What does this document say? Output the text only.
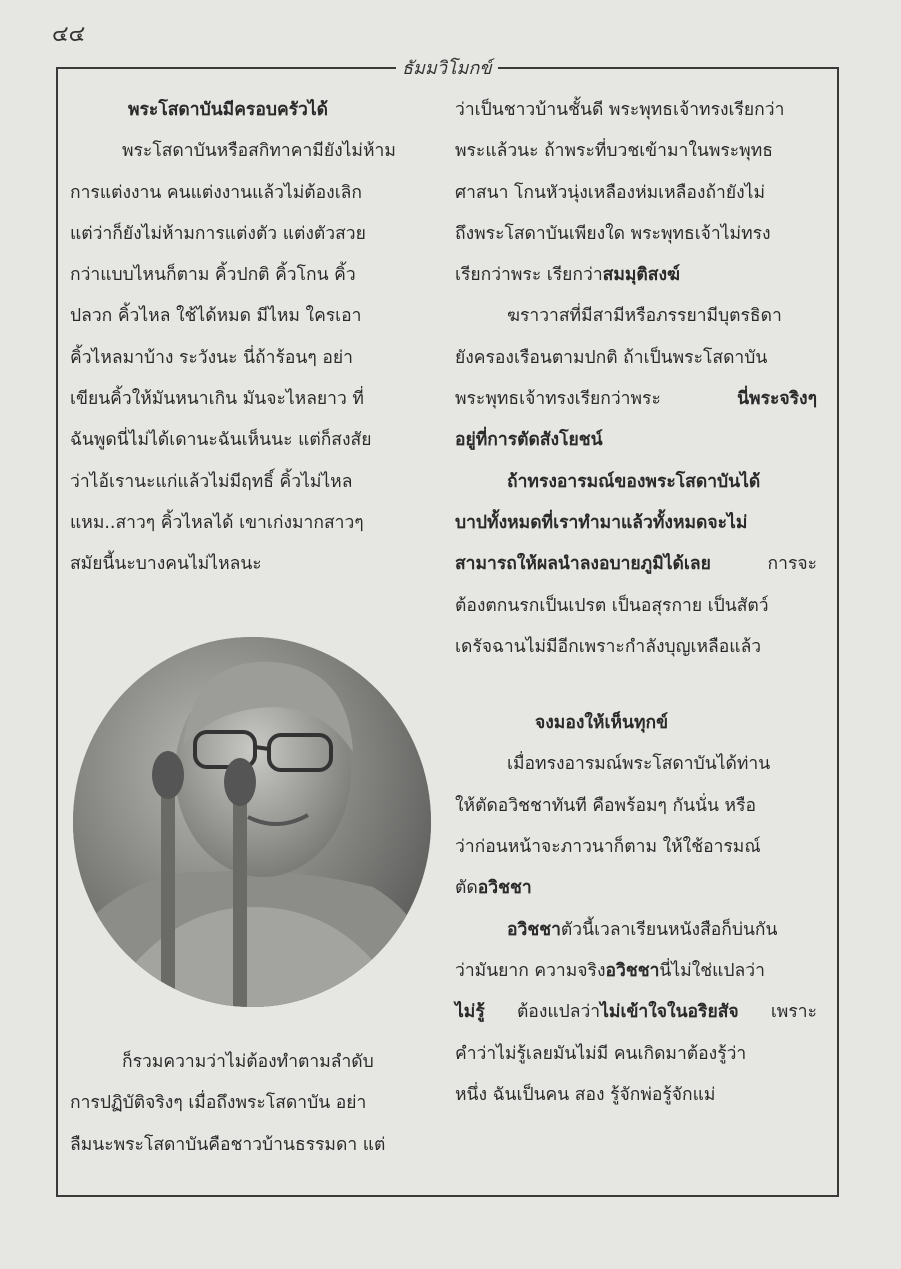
๔๔
ธัมมวิโมกข์
พระโสดาบันมีครอบครัวได้
พระโสดาบันหรือสกิทาคามียังไม่ห้าม
การแต่งงาน คนแต่งงานแล้วไม่ต้องเลิก
แต่ว่าก็ยังไม่ห้ามการแต่งตัว แต่งตัวสวย
กว่าแบบไหนก็ตาม คิ้วปกติ คิ้วโกน คิ้ว
ปลวก คิ้วไหล ใช้ได้หมด มีไหม ใครเอา
คิ้วไหลมาบ้าง ระวังนะ นี่ถ้าร้อนๆ อย่า
เขียนคิ้วให้มันหนาเกิน มันจะไหลยาว ที่
ฉันพูดนี่ไม่ได้เดานะฉันเห็นนะ แต่ก็สงสัย
ว่าไอ้เรานะแก่แล้วไม่มีฤทธิ์ คิ้วไม่ไหล
แหม..สาวๆ คิ้วไหลได้ เขาเก่งมากสาวๆ
สมัยนี้นะบางคนไม่ไหลนะ
ก็รวมความว่าไม่ต้องทำตามลำดับ
การปฏิบัติจริงๆ เมื่อถึงพระโสดาบัน อย่า
ลืมนะพระโสดาบันคือชาวบ้านธรรมดา แต่
ว่าเป็นชาวบ้านชั้นดี พระพุทธเจ้าทรงเรียกว่า
พระแล้วนะ ถ้าพระที่บวชเข้ามาในพระพุทธ
ศาสนา โกนหัวนุ่งเหลืองห่มเหลืองถ้ายังไม่
ถึงพระโสดาบันเพียงใด พระพุทธเจ้าไม่ทรง
เรียกว่าพระ เรียกว่า สมมุติสงฆ์
ฆราวาสที่มีสามีหรือภรรยามีบุตรธิดา
ยังครองเรือนตามปกติ ถ้าเป็นพระโสดาบัน
พระพุทธเจ้าทรงเรียกว่าพระ	นี่พระจริงๆ
อยู่ที่การตัดสังโยชน์
ถ้าทรงอารมณ์ของพระโสดาบันได้
บาปทั้งหมดที่เราทำมาแล้วทั้งหมดจะไม่
สามารถให้ผลนำลงอบายภูมิได้เลย	การจะ
ต้องตกนรกเป็นเปรต เป็นอสุรกาย เป็นสัตว์
เดรัจฉานไม่มีอีกเพราะกำลังบุญเหลือแล้ว
จงมองให้เห็นทุกข์
เมื่อทรงอารมณ์พระโสดาบันได้ท่าน
ให้ตัดอวิชชาทันที คือพร้อมๆ กันนั่น หรือ
ว่าก่อนหน้าจะภาวนาก็ตาม ให้ใช้อารมณ์
ตัด อวิชชา
อวิชชา ตัวนี้เวลาเรียนหนังสือก็บ่นกัน
ว่ามันยาก ความจริง อวิชชา นี่ไม่ใช่แปลว่า
ไม่รู้ ต้องแปลว่าไม่เข้าใจในอริยสัจ เพราะ
คำว่าไม่รู้เลยมันไม่มี คนเกิดมาต้องรู้ว่า
หนึ่ง ฉันเป็นคน สอง รู้จักพ่อรู้จักแม่
